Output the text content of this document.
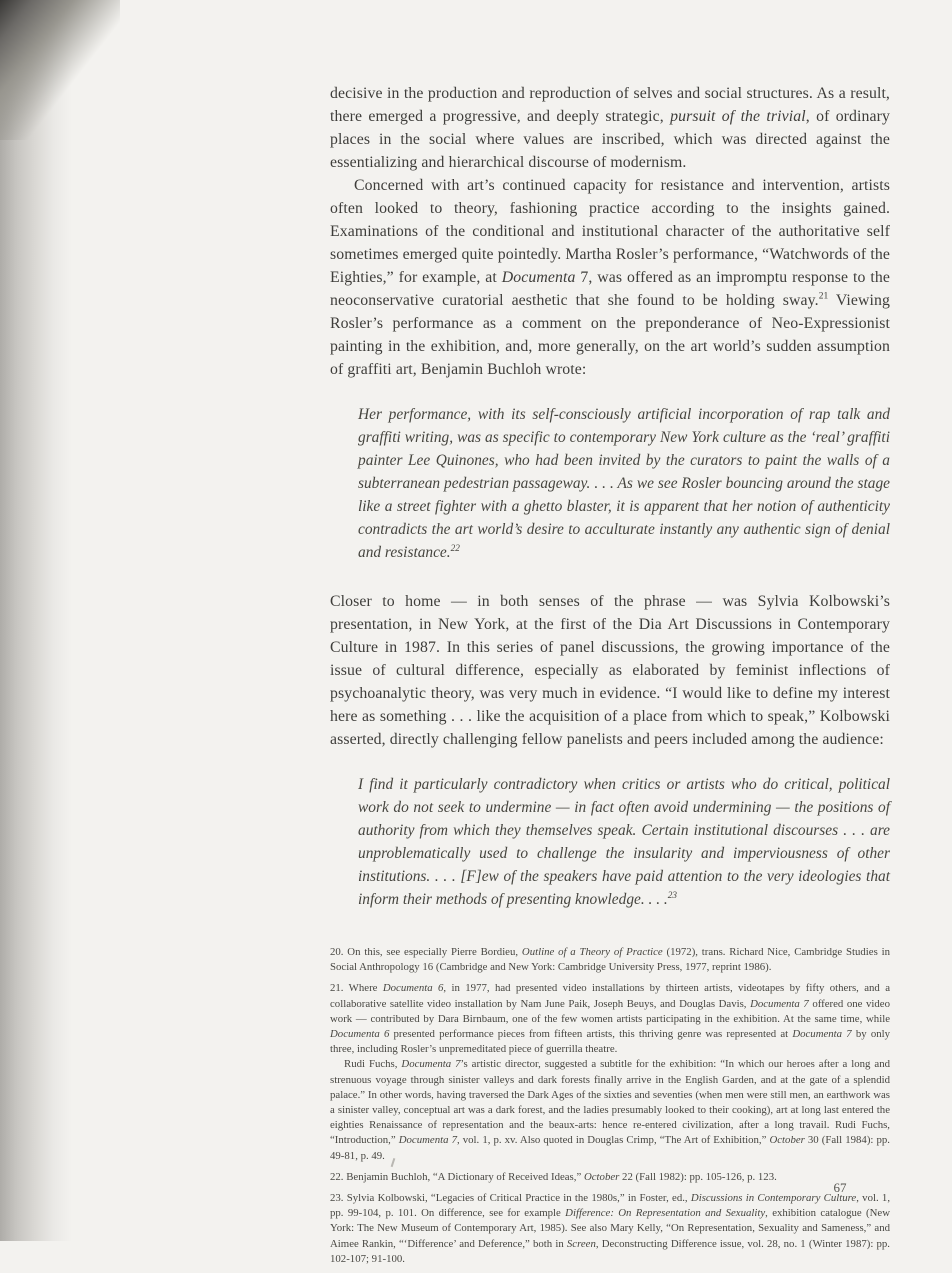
decisive in the production and reproduction of selves and social structures. As a result, there emerged a progressive, and deeply strategic, pursuit of the trivial, of ordinary places in the social where values are inscribed, which was directed against the essentializing and hierarchical discourse of modernism.

Concerned with art’s continued capacity for resistance and intervention, artists often looked to theory, fashioning practice according to the insights gained. Examinations of the conditional and institutional character of the authoritative self sometimes emerged quite pointedly. Martha Rosler’s performance, “Watchwords of the Eighties,” for example, at Documenta 7, was offered as an impromptu response to the neoconservative curatorial aesthetic that she found to be holding sway.$^{21}$ Viewing Rosler’s performance as a comment on the preponderance of Neo-Expressionist painting in the exhibition, and, more generally, on the art world’s sudden assumption of graffiti art, Benjamin Buchloh wrote:

Her performance, with its self-consciously artificial incorporation of rap talk and graffiti writing, was as specific to contemporary New York culture as the ‘real’ graffiti painter Lee Quinones, who had been invited by the curators to paint the walls of a subterranean pedestrian passageway. . . . As we see Rosler bouncing around the stage like a street fighter with a ghetto blaster, it is apparent that her notion of authenticity contradicts the art world’s desire to acculturate instantly any authentic sign of denial and resistance.$^{22}$

Closer to home — in both senses of the phrase — was Sylvia Kolbowski’s presentation, in New York, at the first of the Dia Art Discussions in Contemporary Culture in 1987. In this series of panel discussions, the growing importance of the issue of cultural difference, especially as elaborated by feminist inflections of psychoanalytic theory, was very much in evidence. “I would like to define my interest here as something . . . like the acquisition of a place from which to speak,” Kolbowski asserted, directly challenging fellow panelists and peers included among the audience:

I find it particularly contradictory when critics or artists who do critical, political work do not seek to undermine — in fact often avoid undermining — the positions of authority from which they themselves speak. Certain institutional discourses . . . are unproblematically used to challenge the insularity and imperviousness of other institutions. . . . [F]ew of the speakers have paid attention to the very ideologies that inform their methods of presenting knowledge. . . .$^{23}$

20. On this, see especially Pierre Bordieu, Outline of a Theory of Practice (1972), trans. Richard Nice, Cambridge Studies in Social Anthropology 16 (Cambridge and New York: Cambridge University Press, 1977, reprint 1986).

21. Where Documenta 6, in 1977, had presented video installations by thirteen artists, videotapes by fifty others, and a collaborative satellite video installation by Nam June Paik, Joseph Beuys, and Douglas Davis, Documenta 7 offered one video work — contributed by Dara Birnbaum, one of the few women artists participating in the exhibition. At the same time, while Documenta 6 presented performance pieces from fifteen artists, this thriving genre was represented at Documenta 7 by only three, including Rosler’s unpremeditated piece of guerrilla theatre.

Rudi Fuchs, Documenta 7’s artistic director, suggested a subtitle for the exhibition: “In which our heroes after a long and strenuous voyage through sinister valleys and dark forests finally arrive in the English Garden, and at the gate of a splendid palace.” In other words, having traversed the Dark Ages of the sixties and seventies (when men were still men, an earthwork was a sinister valley, conceptual art was a dark forest, and the ladies presumably looked to their cooking), art at long last entered the eighties Renaissance of representation and the beaux-arts: hence re-entered civilization, after a long travail. Rudi Fuchs, “Introduction,” Documenta 7, vol. 1, p. xv. Also quoted in Douglas Crimp, “The Art of Exhibition,” October 30 (Fall 1984): pp. 49-81, p. 49.

22. Benjamin Buchloh, “A Dictionary of Received Ideas,” October 22 (Fall 1982): pp. 105-126, p. 123.

23. Sylvia Kolbowski, “Legacies of Critical Practice in the 1980s,” in Foster, ed., Discussions in Contemporary Culture, vol. 1, pp. 99-104, p. 101. On difference, see for example Difference: On Representation and Sexuality, exhibition catalogue (New York: The New Museum of Contemporary Art, 1985). See also Mary Kelly, “On Representation, Sexuality and Sameness,” and Aimee Rankin, “‘Difference’ and Deference,” both in Screen, Deconstructing Difference issue, vol. 28, no. 1 (Winter 1987): pp. 102-107; 91-100.

67
